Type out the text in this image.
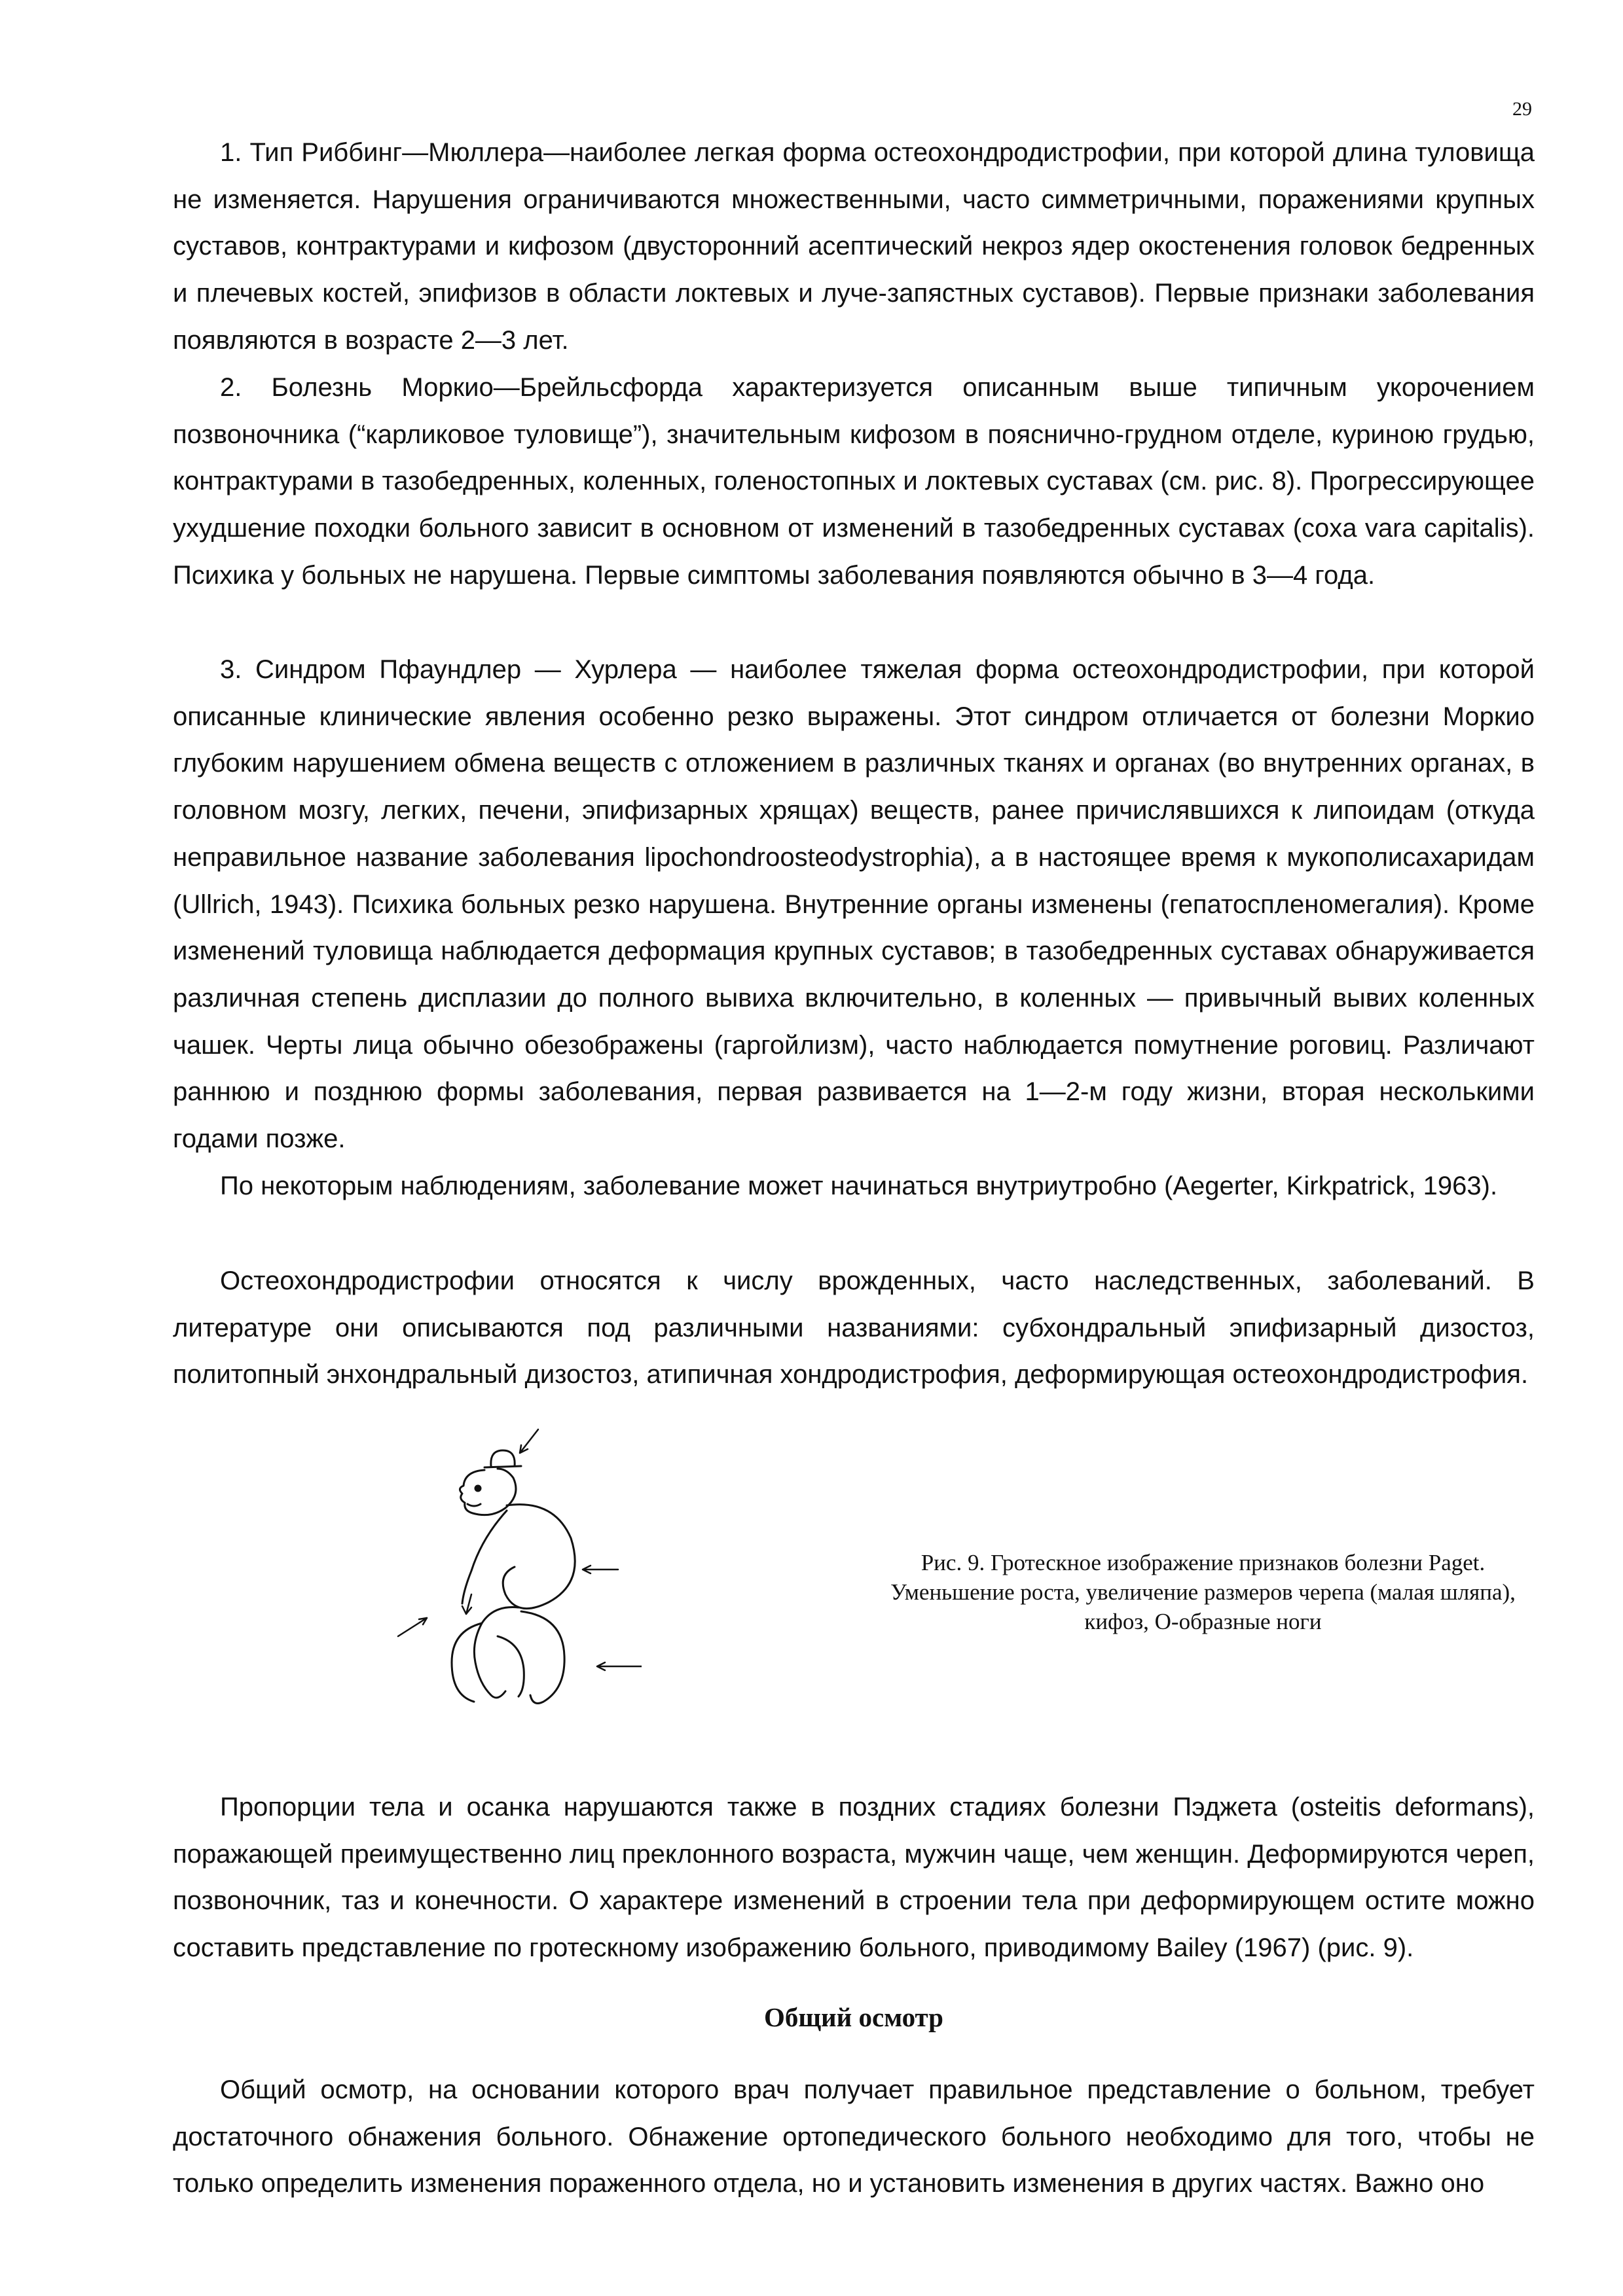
29

1. Тип Риббинг—Мюллера—наиболее легкая форма остеохондродистрофии, при которой длина туловища не изменяется. Нарушения ограничиваются множественными, часто симметричными, поражениями крупных суставов, контрактурами и кифозом (двусторонний асептический некроз ядер окостенения головок бедренных и плечевых костей, эпифизов в области локтевых и луче-запястных суставов). Первые признаки заболевания появляются в возрасте 2—3 лет.

2. Болезнь Моркио—Брейльсфорда характеризуется описанным выше типичным укорочением позвоночника (“карликовое туловище”), значительным кифозом в пояснично-грудном отделе, куриною грудью, контрактурами в тазобедренных, коленных, голеностопных и локтевых суставах (см. рис. 8). Прогрессирующее ухудшение походки больного зависит в основном от изменений в тазобедренных суставах (coxa vara capitalis). Психика у больных не нарушена. Первые симптомы заболевания появляются обычно в 3—4 года.

3. Синдром Пфаундлер — Хурлера — наиболее тяжелая форма остеохондродистрофии, при которой описанные клинические явления особенно резко выражены. Этот синдром отличается от болезни Моркио глубоким нарушением обмена веществ с отложением в различных тканях и органах (во внутренних органах, в головном мозгу, легких, печени, эпифизарных хрящах) веществ, ранее причислявшихся к липоидам (откуда неправильное название заболевания lipochondroosteodystrophia), а в настоящее время к мукополисахаридам (Ullrich, 1943). Психика больных резко нарушена. Внутренние органы изменены (гепатоспленомегалия). Кроме изменений туловища наблюдается деформация крупных суставов; в тазобедренных суставах обнаруживается различная степень дисплазии до полного вывиха включительно, в коленных — привычный вывих коленных чашек. Черты лица обычно обезображены (гаргойлизм), часто наблюдается помутнение роговиц. Различают раннюю и позднюю формы заболевания, первая развивается на 1—2-м году жизни, вторая несколькими годами позже.

По некоторым наблюдениям, заболевание может начинаться внутриутробно (Aegerter, Kirkpatrick, 1963).

Остеохондродистрофии относятся к числу врожденных, часто наследственных, заболеваний. В литературе они описываются под различными названиями: субхондральный эпифизарный дизостоз, политопный энхондральный дизостоз, атипичная хондродистрофия, деформирующая остеохондродистрофия.

Рис. 9. Гротескное изображение признаков болезни Paget. Уменьшение роста, увеличение размеров черепа (малая шляпа), кифоз, О-образные ноги

Пропорции тела и осанка нарушаются также в поздних стадиях болезни Пэджета (osteitis deformans), поражающей преимущественно лиц преклонного возраста, мужчин чаще, чем женщин. Деформируются череп, позвоночник, таз и конечности. О характере изменений в строении тела при деформирующем остите можно составить представление по гротескному изображению больного, приводимому Bailey (1967) (рис. 9).

Общий осмотр

Общий осмотр, на основании которого врач получает правильное представление о больном, требует достаточного обнажения больного. Обнажение ортопедического больного необходимо для того, чтобы не только определить изменения пораженного отдела, но и установить изменения в других частях. Важно оно
